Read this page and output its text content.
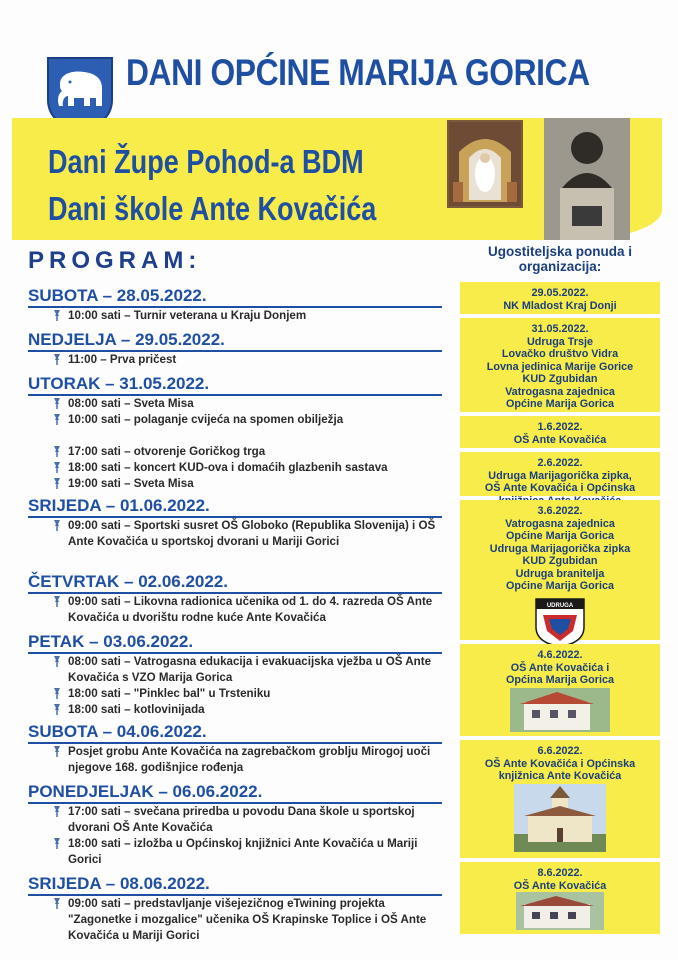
DANI OPĆINE MARIJA GORICA
Dani Župe Pohod-a BDM
Dani škole Ante Kovačića
PROGRAM:
SUBOTA – 28.05.2022.
10:00 sati – Turnir veterana u Kraju Donjem
NEDJELJA – 29.05.2022.
11:00 – Prva pričest
UTORAK – 31.05.2022.
08:00 sati – Sveta Misa
10:00 sati – polaganje cvijeća na spomen obilježja
17:00 sati – otvorenje Goričkog trga
18:00 sati – koncert KUD-ova i domaćih glazbenih sastava
19:00 sati – Sveta Misa
SRIJEDA – 01.06.2022.
09:00 sati – Sportski susret OŠ Globoko (Republika Slovenija) i OŠ Ante Kovačića u sportskoj dvorani u Mariji Gorici
ČETVRTAK – 02.06.2022.
09:00 sati – Likovna radionica učenika od 1. do 4. razreda OŠ Ante Kovačića u dvorištu rodne kuće Ante Kovačića
PETAK – 03.06.2022.
08:00 sati – Vatrogasna edukacija i evakuacijska vježba u OŠ Ante Kovačića s VZO Marija Gorica
18:00 sati – "Pinklec bal" u Trsteniku
18:00 sati – kotlovinijada
SUBOTA – 04.06.2022.
Posjet grobu Ante Kovačića na zagrebačkom groblju Mirogoj uoči njegove 168. godišnjice rođenja
PONEDJELJAK – 06.06.2022.
17:00 sati – svečana priredba u povodu Dana škole u sportskoj dvorani OŠ Ante Kovačića
18:00 sati – izložba u Općinskoj knjižnici Ante Kovačića u Mariji Gorici
SRIJEDA – 08.06.2022.
09:00 sati – predstavljanje višejezičnog eTwining projekta "Zagonetke i mozgalice" učenika OŠ Krapinske Toplice i OŠ Ante Kovačića u Mariji Gorici
Ugostiteljska ponuda i organizacija:
29.05.2022.
NK Mladost Kraj Donji
31.05.2022.
Udruga Trsje
Lovačko društvo Vidra
Lovna jedinica Marije Gorice
KUD Zgubidan
Vatrogasna zajednica
Općine Marija Gorica
1.6.2022.
OŠ Ante Kovačića
2.6.2022.
Udruga Marijagorička zipka,
OŠ Ante Kovačića i Općinska
3.6.2022.
Vatrogasna zajednica
Općine Marija Gorica
Udruga Marijagorička zipka
KUD Zgubidan
Udruga branitelja
Općine Marija Gorica
UDRUGA
4.6.2022.
OŠ Ante Kovačića i
Općina Marija Gorica
6.6.2022.
OŠ Ante Kovačića i Općinska
knjižnica Ante Kovačića
8.6.2022.
OŠ Ante Kovačića
